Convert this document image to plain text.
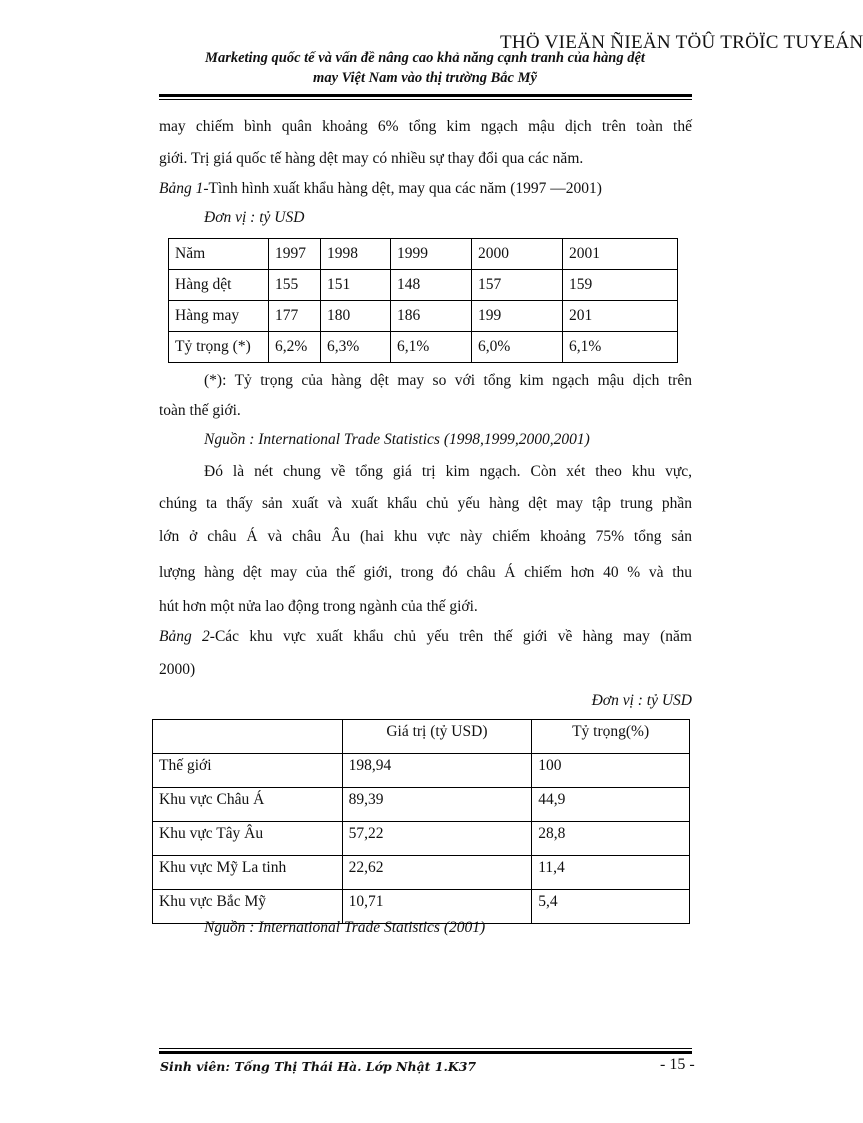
THÖ VIEÄN ÑIEÄN TÖÛ TRÖÏC TUYEÁN
Marketing quốc tế và vấn đề nâng cao khả năng cạnh tranh của hàng dệt
may Việt Nam vào thị trường Bắc Mỹ
may chiếm bình quân khoảng 6% tổng kim ngạch mậu dịch trên toàn thế
giới. Trị giá quốc tế hàng dệt may có nhiều sự thay đổi qua các năm.
Bảng 1-Tình hình xuất khẩu hàng dệt, may qua các năm (1997 —2001)
Đơn vị : tỷ USD
Năm	1997	1998	1999	2000	2001
Hàng dệt	155	151	148	157	159
Hàng may	177	180	186	199	201
Tỷ trọng (*)	6,2%	6,3%	6,1%	6,0%	6,1%
(*): Tỷ trọng của hàng dệt may so với tổng kim ngạch mậu dịch trên
toàn thế giới.
Nguồn : International Trade Statistics (1998,1999,2000,2001)
Đó là nét chung về tổng giá trị kim ngạch. Còn xét theo khu vực,
chúng ta thấy sản xuất và xuất khẩu chủ yếu hàng dệt may tập trung phần
lớn ở châu Á và châu Âu (hai khu vực này chiếm khoảng 75% tổng sản
lượng hàng dệt may của thế giới, trong đó châu Á chiếm hơn 40 % và thu
hút hơn một nửa lao động trong ngành của thế giới.
Bảng 2-Các khu vực xuất khẩu chủ yếu trên thế giới về hàng may (năm
2000)
Đơn vị : tỷ USD
	Giá trị (tỷ USD)	Tỷ trọng(%)
Thế giới	198,94	100
Khu vực Châu Á	89,39	44,9
Khu vực Tây Âu	57,22	28,8
Khu vực Mỹ La tinh	22,62	11,4
Khu vực Bắc Mỹ	10,71	5,4
Nguồn : International Trade Statistics (2001)
Sinh viên: Tống Thị Thái Hà. Lớp Nhật 1.K37	- 15 -
